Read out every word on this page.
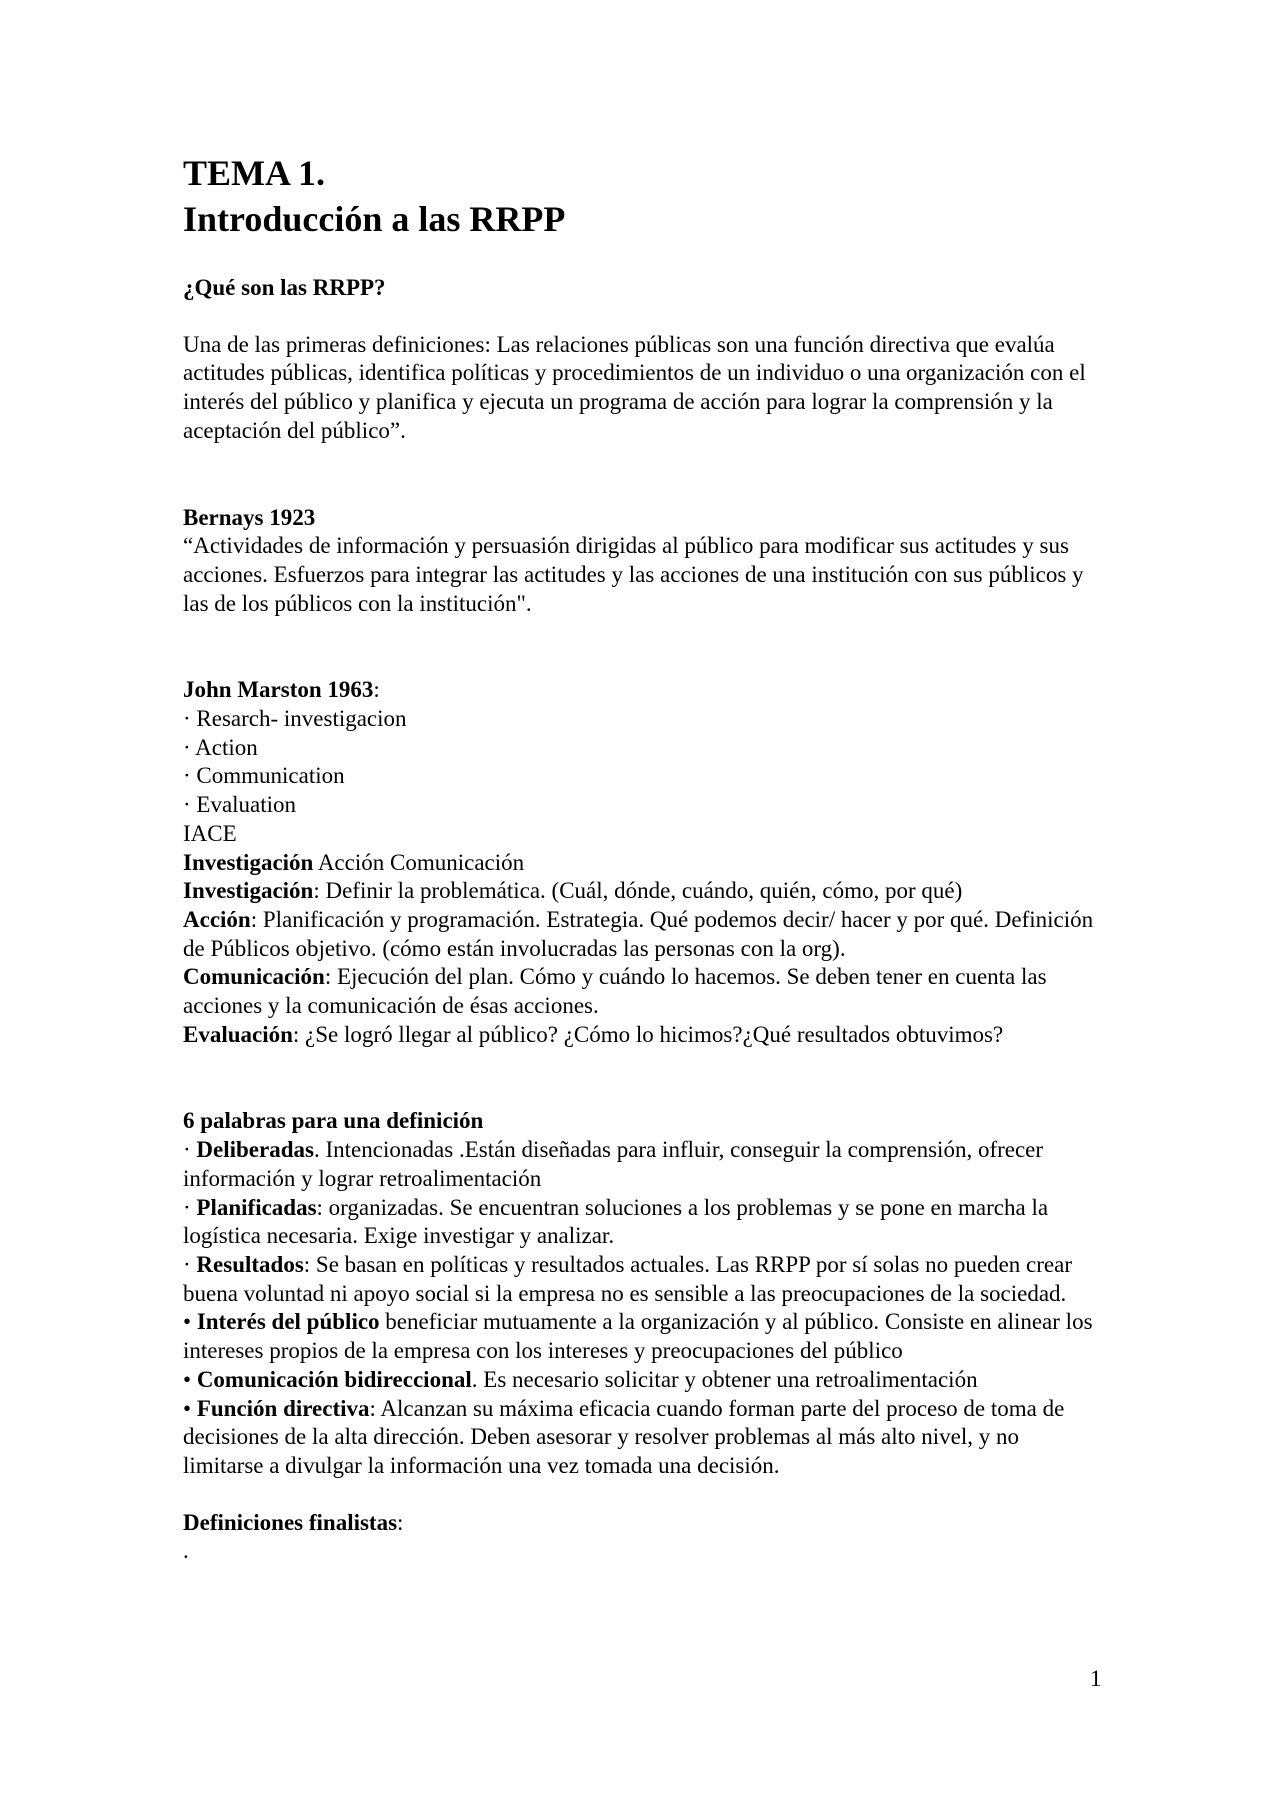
TEMA 1.
Introducción a las RRPP

¿Qué son las RRPP?

Una de las primeras definiciones: Las relaciones públicas son una función directiva que evalúa actitudes públicas, identifica políticas y procedimientos de un individuo o una organización con el interés del público y planifica y ejecuta un programa de acción para lograr la comprensión y la aceptación del público”.

Bernays 1923

“Actividades de información y persuasión dirigidas al público para modificar sus actitudes y sus acciones. Esfuerzos para integrar las actitudes y las acciones de una institución con sus públicos y las de los públicos con la institución".

John Marston 1963:

· Resarch- investigacion

· Action

· Communication

· Evaluation

IACE

Investigación Acción Comunicación

Investigación: Definir la problemática. (Cuál, dónde, cuándo, quién, cómo, por qué)

Acción: Planificación y programación. Estrategia. Qué podemos decir/ hacer y por qué. Definición de Públicos objetivo. (cómo están involucradas las personas con la org).

Comunicación: Ejecución del plan. Cómo y cuándo lo hacemos. Se deben tener en cuenta las acciones y la comunicación de ésas acciones.

Evaluación: ¿Se logró llegar al público? ¿Cómo lo hicimos?¿Qué resultados obtuvimos?

6 palabras para una definición

· Deliberadas. Intencionadas .Están diseñadas para influir, conseguir la comprensión, ofrecer información y lograr retroalimentación

· Planificadas: organizadas. Se encuentran soluciones a los problemas y se pone en marcha la logística necesaria. Exige investigar y analizar.

· Resultados: Se basan en políticas y resultados actuales. Las RRPP por sí solas no pueden crear buena voluntad ni apoyo social si la empresa no es sensible a las preocupaciones de la sociedad.

• Interés del público beneficiar mutuamente a la organización y al público. Consiste en alinear los intereses propios de la empresa con los intereses y preocupaciones del público

• Comunicación bidireccional. Es necesario solicitar y obtener una retroalimentación

• Función directiva: Alcanzan su máxima eficacia cuando forman parte del proceso de toma de decisiones de la alta dirección. Deben asesorar y resolver problemas al más alto nivel, y no limitarse a divulgar la información una vez tomada una decisión.

Definiciones finalistas:

.

1
